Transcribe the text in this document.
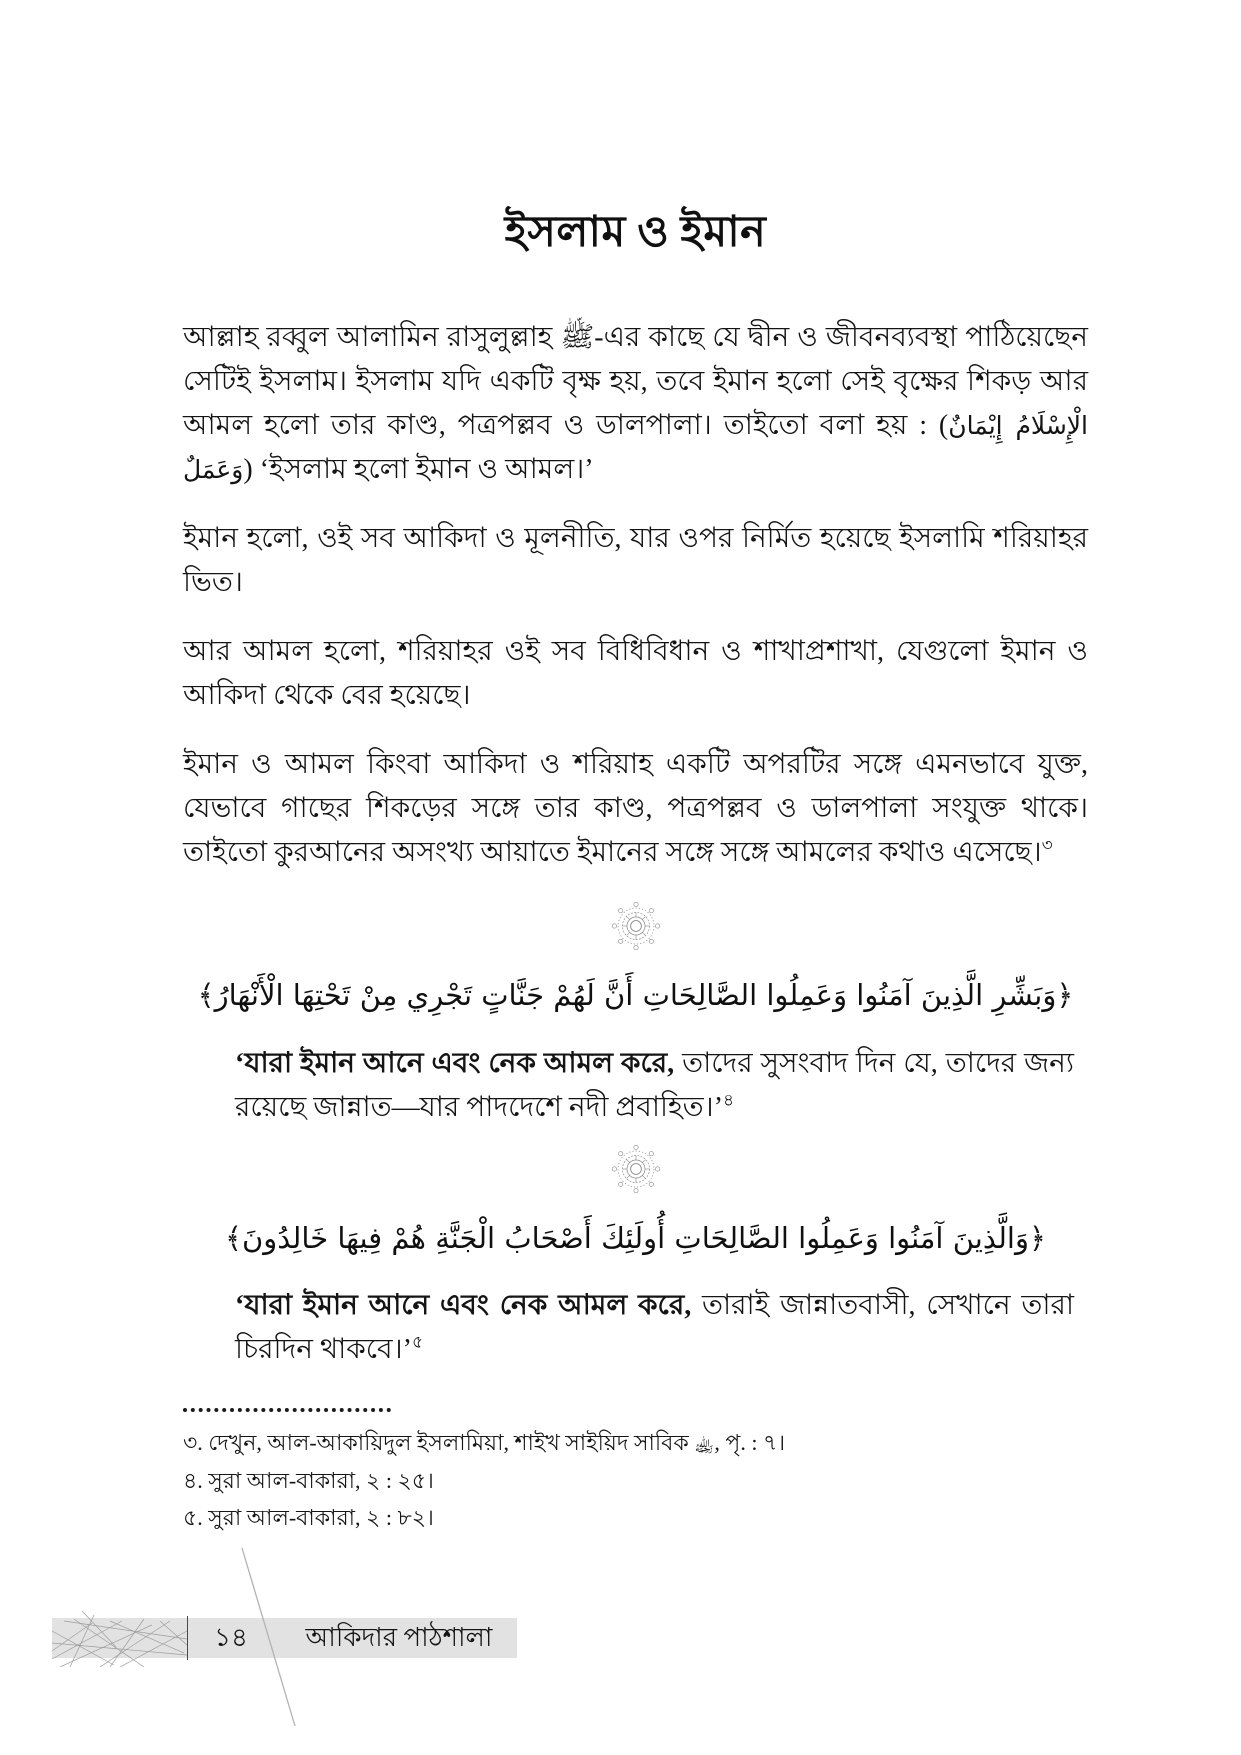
ইসলাম ও ইমান

আল্লাহ রব্বুল আলামিন রাসুলুল্লাহ ﷺ-এর কাছে যে দ্বীন ও জীবনব্যবস্থা পাঠিয়েছেন সেটিই ইসলাম। ইসলাম যদি একটি বৃক্ষ হয়, তবে ইমান হলো সেই বৃক্ষের শিকড় আর আমল হলো তার কাণ্ড, পত্রপল্লব ও ডালপালা। তাইতো বলা হয় : (الْإِسْلَامُ إِيْمَانٌ وَعَمَلٌ) ‘ইসলাম হলো ইমান ও আমল।’

ইমান হলো, ওই সব আকিদা ও মূলনীতি, যার ওপর নির্মিত হয়েছে ইসলামি শরিয়াহর ভিত।

আর আমল হলো, শরিয়াহর ওই সব বিধিবিধান ও শাখাপ্রশাখা, যেগুলো ইমান ও আকিদা থেকে বের হয়েছে।

ইমান ও আমল কিংবা আকিদা ও শরিয়াহ একটি অপরটির সঙ্গে এমনভাবে যুক্ত, যেভাবে গাছের শিকড়ের সঙ্গে তার কাণ্ড, পত্রপল্লব ও ডালপালা সংযুক্ত থাকে। তাইতো কুরআনের অসংখ্য আয়াতে ইমানের সঙ্গে সঙ্গে আমলের কথাও এসেছে।$^৩$

﴿وَبَشِّرِ الَّذِينَ آمَنُوا وَعَمِلُوا الصَّالِحَاتِ أَنَّ لَهُمْ جَنَّاتٍ تَجْرِي مِنْ تَحْتِهَا الْأَنْهَارُ﴾

‘যারা ইমান আনে এবং নেক আমল করে, তাদের সুসংবাদ দিন যে, তাদের জন্য রয়েছে জান্নাত—যার পাদদেশে নদী প্রবাহিত।’$^৪$

﴿وَالَّذِينَ آمَنُوا وَعَمِلُوا الصَّالِحَاتِ أُولَئِكَ أَصْحَابُ الْجَنَّةِ هُمْ فِيهَا خَالِدُونَ﴾

‘যারা ইমান আনে এবং নেক আমল করে, তারাই জান্নাতবাসী, সেখানে তারা চিরদিন থাকবে।’$^৫$

৩. দেখুন, আল-আকায়িদুল ইসলামিয়া, শাইখ সাইয়িদ সাবিক ﵀, পৃ. : ৭।

৪. সুরা আল-বাকারা, ২ : ২৫।

৫. সুরা আল-বাকারা, ২ : ৮২।

১৪	আকিদার পাঠশালা
